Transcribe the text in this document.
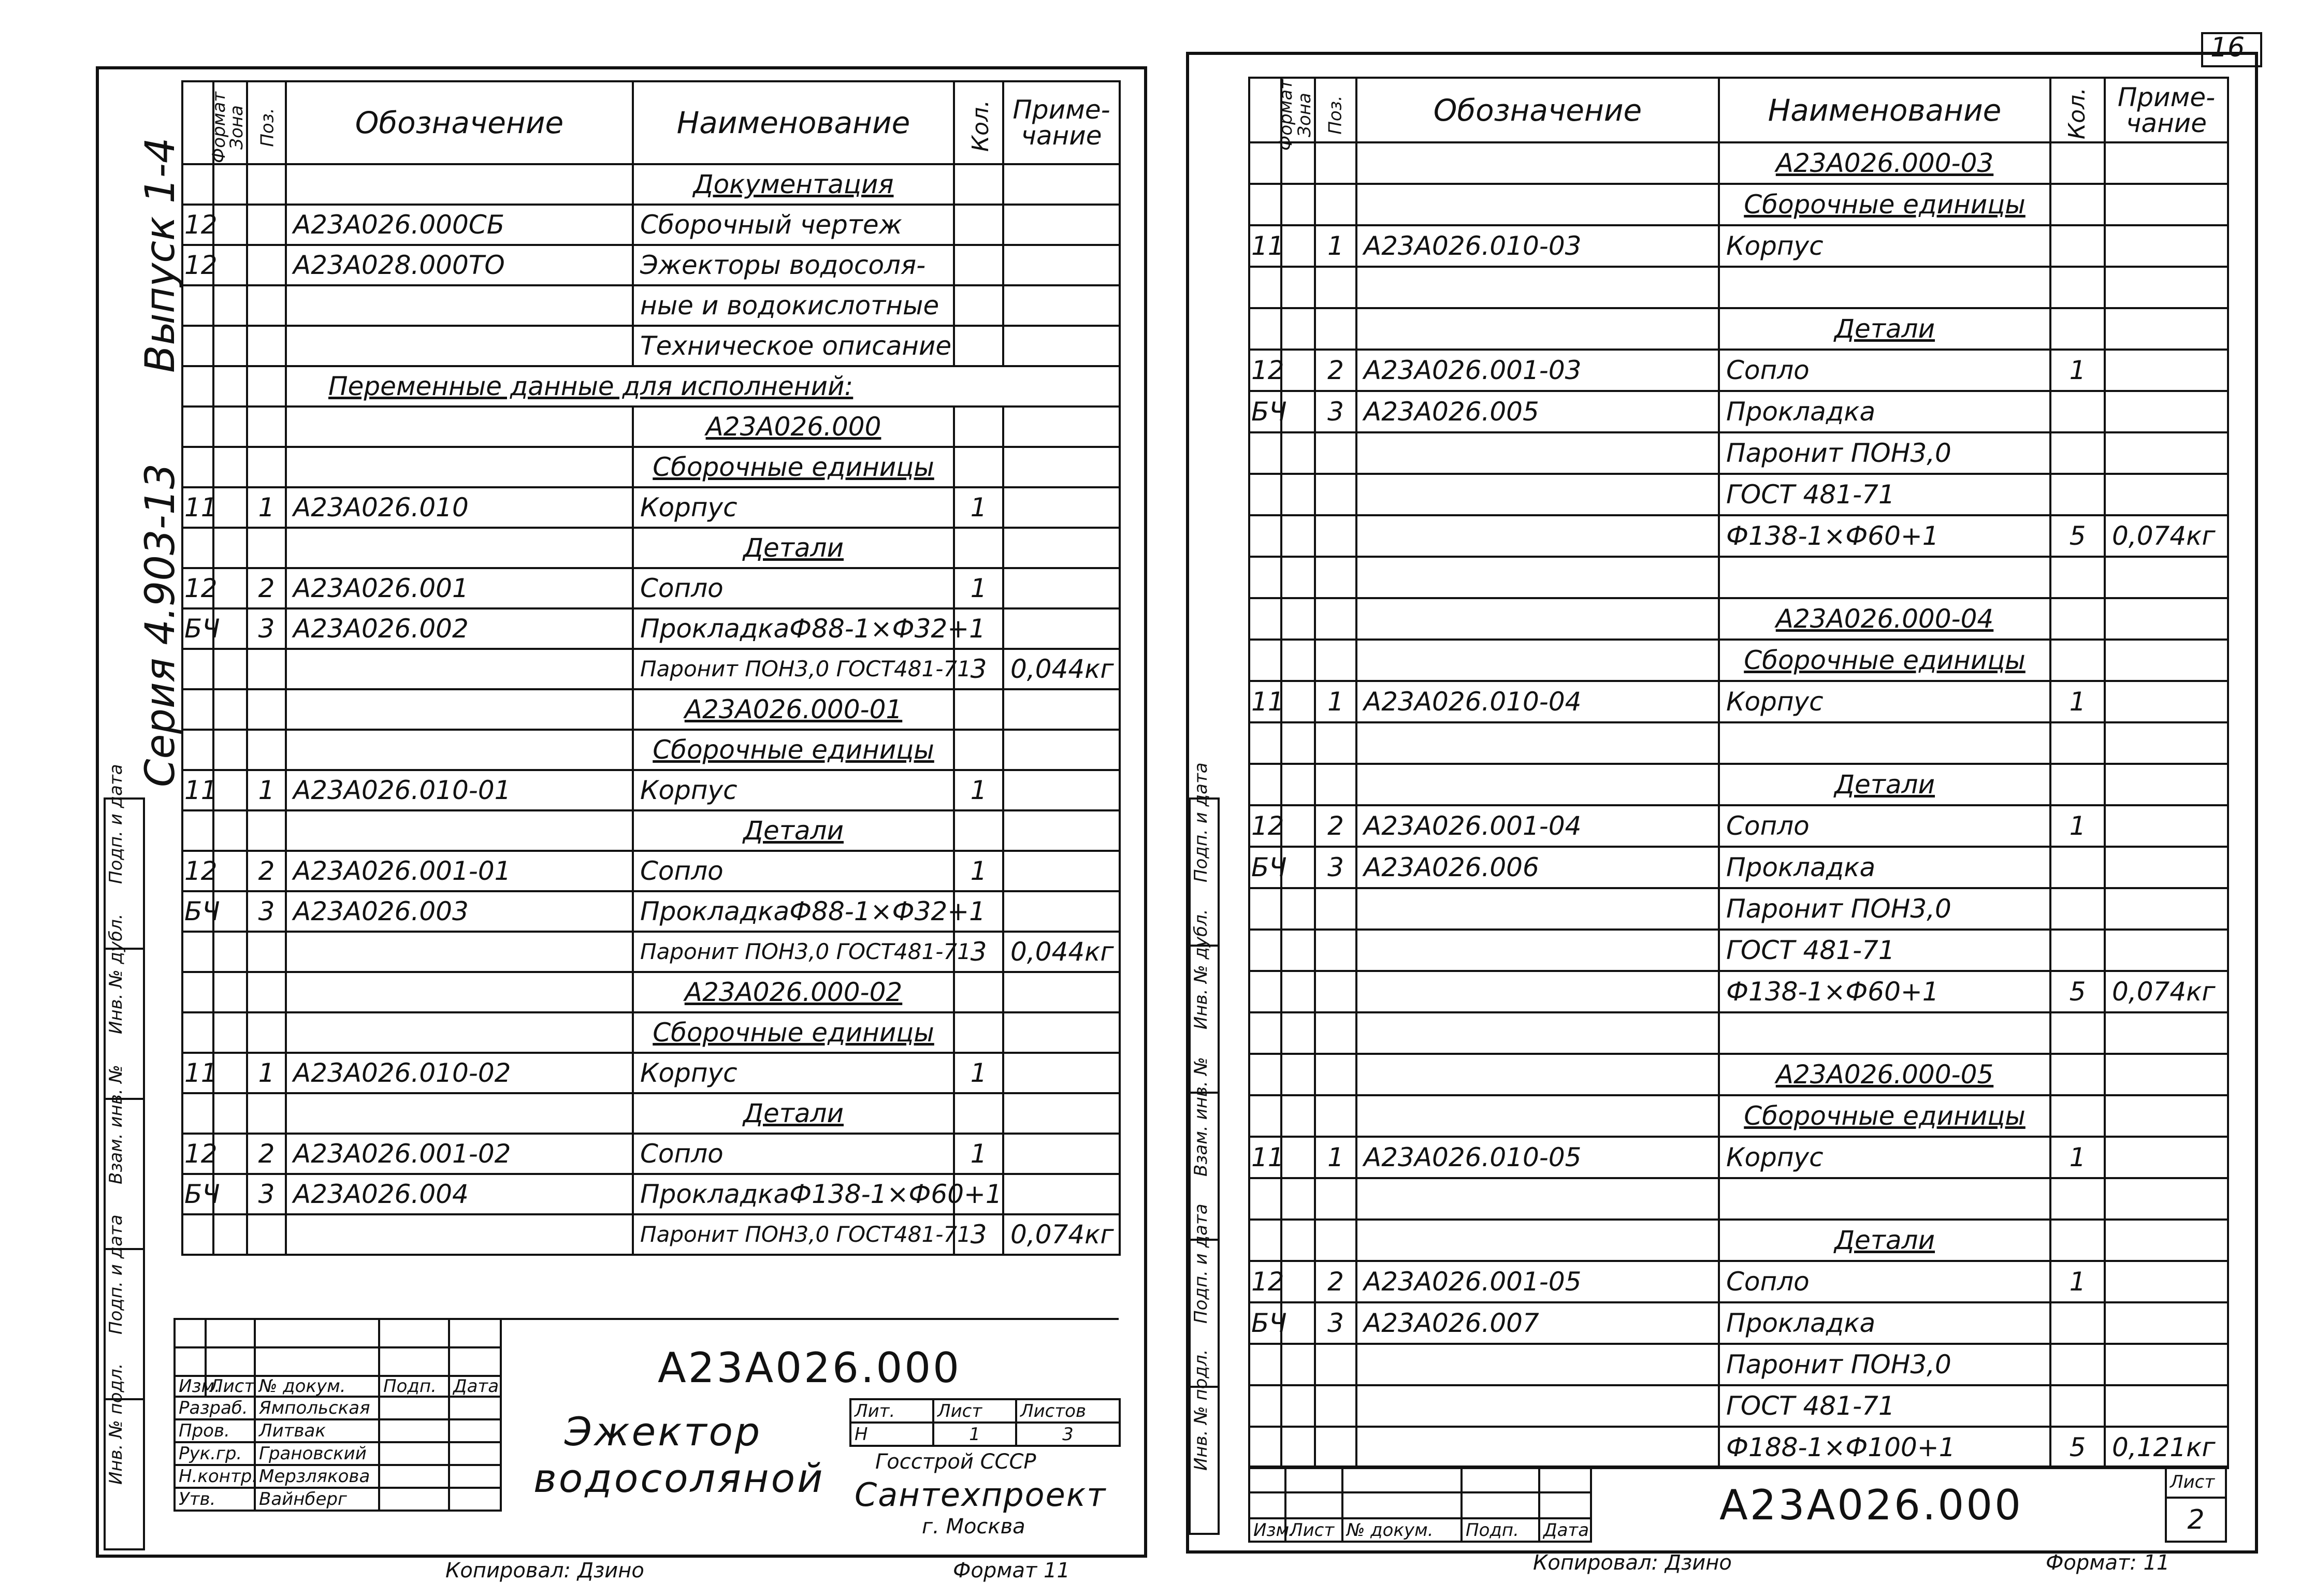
Выпуск 1-4
Серия 4.903-13
Подп. и дата

Инв. № дубл.

Взам. инв. №

Подп. и дата

Инв. № подл.
Формат	Зона	Поз.	Обозначение	Наименование	Кол.	Приме-чание
				Документация		
12			А23А026.000СБ	Сборочный чертеж		
12			А23А028.000ТО	Эжекторы водосоля-		
				ные и водокислотные		
				Техническое описание		
			Переменные данные для исполнений:			
				А23А026.000		
				Сборочные единицы		
11		1	А23А026.010	Корпус	1	
				Детали		
12		2	А23А026.001	Сопло	1	
БЧ		3	А23А026.002	ПрокладкаФ88-1×Ф32+1		
				Паронит ПОН3,0 ГОСТ481-71	3	0,044кг
				А23А026.000-01		
				Сборочные единицы		
11		1	А23А026.010-01	Корпус	1	
				Детали		
12		2	А23А026.001-01	Сопло	1	
БЧ		3	А23А026.003	ПрокладкаФ88-1×Ф32+1		
				Паронит ПОН3,0 ГОСТ481-71	3	0,044кг
				А23А026.000-02		
				Сборочные единицы		
11		1	А23А026.010-02	Корпус	1	
				Детали		
12		2	А23А026.001-02	Сопло	1	
БЧ		3	А23А026.004	ПрокладкаФ138-1×Ф60+1		
				Паронит ПОН3,0 ГОСТ481-71	3	0,074кг
А23А026.000
Эжектор
водосоляной

Изм.	Лист	№ докум.	Подп.	Дата
Разраб.		Ямпольская		
Пров.		Литвак		
Рук.гр.		Грановский		
Н.контр.		Мерзлякова		
Утв.		Вайнберг		
Лит.	Лист	Листов
Н	1	3
Госстрой СССР
Сантехпроект
г. Москва
Копировал: Дзино	Формат 11
16
Подп. и дата

Инв. № дубл.

Взам. инв. №

Подп. и дата

Инв. № подл.
Формат	Зона	Поз.	Обозначение	Наименование	Кол.	Приме-чание
				А23А026.000-03		
				Сборочные единицы		
11		1	А23А026.010-03	Корпус		

				Детали		
12		2	А23А026.001-03	Сопло	1	
БЧ		3	А23А026.005	Прокладка		
				Паронит ПОН3,0		
				ГОСТ 481-71		
				Ф138-1×Ф60+1	5	0,074кг

				А23А026.000-04		
				Сборочные единицы		
11		1	А23А026.010-04	Корпус	1	

				Детали		
12		2	А23А026.001-04	Сопло	1	
БЧ		3	А23А026.006	Прокладка		
				Паронит ПОН3,0		
				ГОСТ 481-71		
				Ф138-1×Ф60+1	5	0,074кг

				А23А026.000-05		
				Сборочные единицы		
11		1	А23А026.010-05	Корпус	1	

				Детали		
12		2	А23А026.001-05	Сопло	1	
БЧ		3	А23А026.007	Прокладка		
				Паронит ПОН3,0		
				ГОСТ 481-71		
				Ф188-1×Ф100+1	5	0,121кг

Изм.	Лист	№ докум.	Подп.	Дата
А23А026.000	Лист
2
Копировал: Дзино	Формат: 11
